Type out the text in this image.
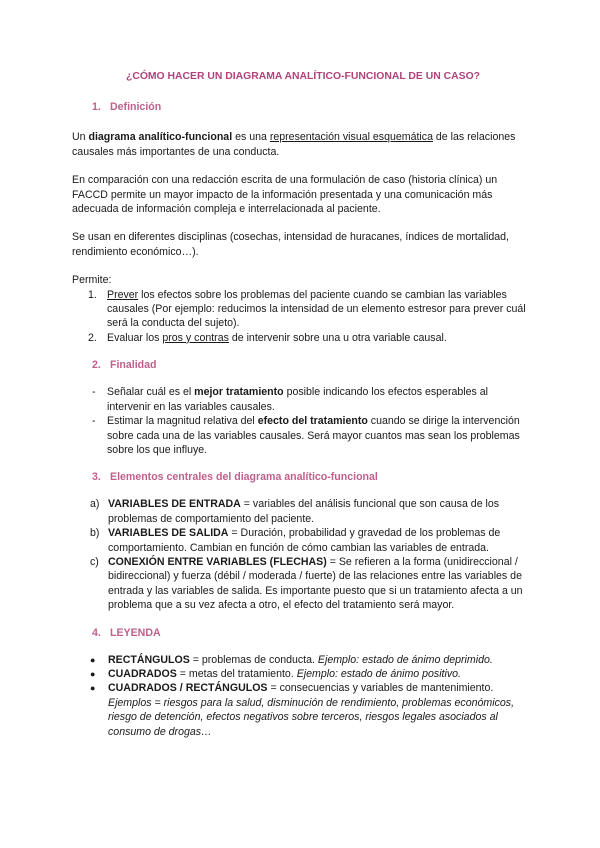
¿CÓMO HACER UN DIAGRAMA ANALÍTICO-FUNCIONAL DE UN CASO?

1. Definición

Un diagrama analítico-funcional es una representación visual esquemática de las relaciones causales más importantes de una conducta.

En comparación con una redacción escrita de una formulación de caso (historia clínica) un FACCD permite un mayor impacto de la información presentada y una comunicación más adecuada de información compleja e interrelacionada al paciente.

Se usan en diferentes disciplinas (cosechas, intensidad de huracanes, índices de mortalidad, rendimiento económico…).

Permite:

1. Prever los efectos sobre los problemas del paciente cuando se cambian las variables causales (Por ejemplo: reducimos la intensidad de un elemento estresor para prever cuál será la conducta del sujeto).
2. Evaluar los pros y contras de intervenir sobre una u otra variable causal.
2. Finalidad
- Señalar cuál es el mejor tratamiento posible indicando los efectos esperables al intervenir en las variables causales.
- Estimar la magnitud relativa del efecto del tratamiento cuando se dirige la intervención sobre cada una de las variables causales. Será mayor cuantos mas sean los problemas sobre los que influye.
3. Elementos centrales del diagrama analítico-funcional
a) VARIABLES DE ENTRADA = variables del análisis funcional que son causa de los problemas de comportamiento del paciente.
b) VARIABLES DE SALIDA = Duración, probabilidad y gravedad de los problemas de comportamiento. Cambian en función de cómo cambian las variables de entrada.
c) CONEXIÓN ENTRE VARIABLES (FLECHAS) = Se refieren a la forma (unidireccional / bidireccional) y fuerza (débil / moderada / fuerte) de las relaciones entre las variables de entrada y las variables de salida. Es importante puesto que si un tratamiento afecta a un problema que a su vez afecta a otro, el efecto del tratamiento será mayor.
4. LEYENDA
● RECTÁNGULOS = problemas de conducta. Ejemplo: estado de ánimo deprimido.
● CUADRADOS = metas del tratamiento. Ejemplo: estado de ánimo positivo.
● CUADRADOS / RECTÁNGULOS = consecuencias y variables de mantenimiento. Ejemplos = riesgos para la salud, disminución de rendimiento, problemas económicos, riesgo de detención, efectos negativos sobre terceros, riesgos legales asociados al consumo de drogas…
